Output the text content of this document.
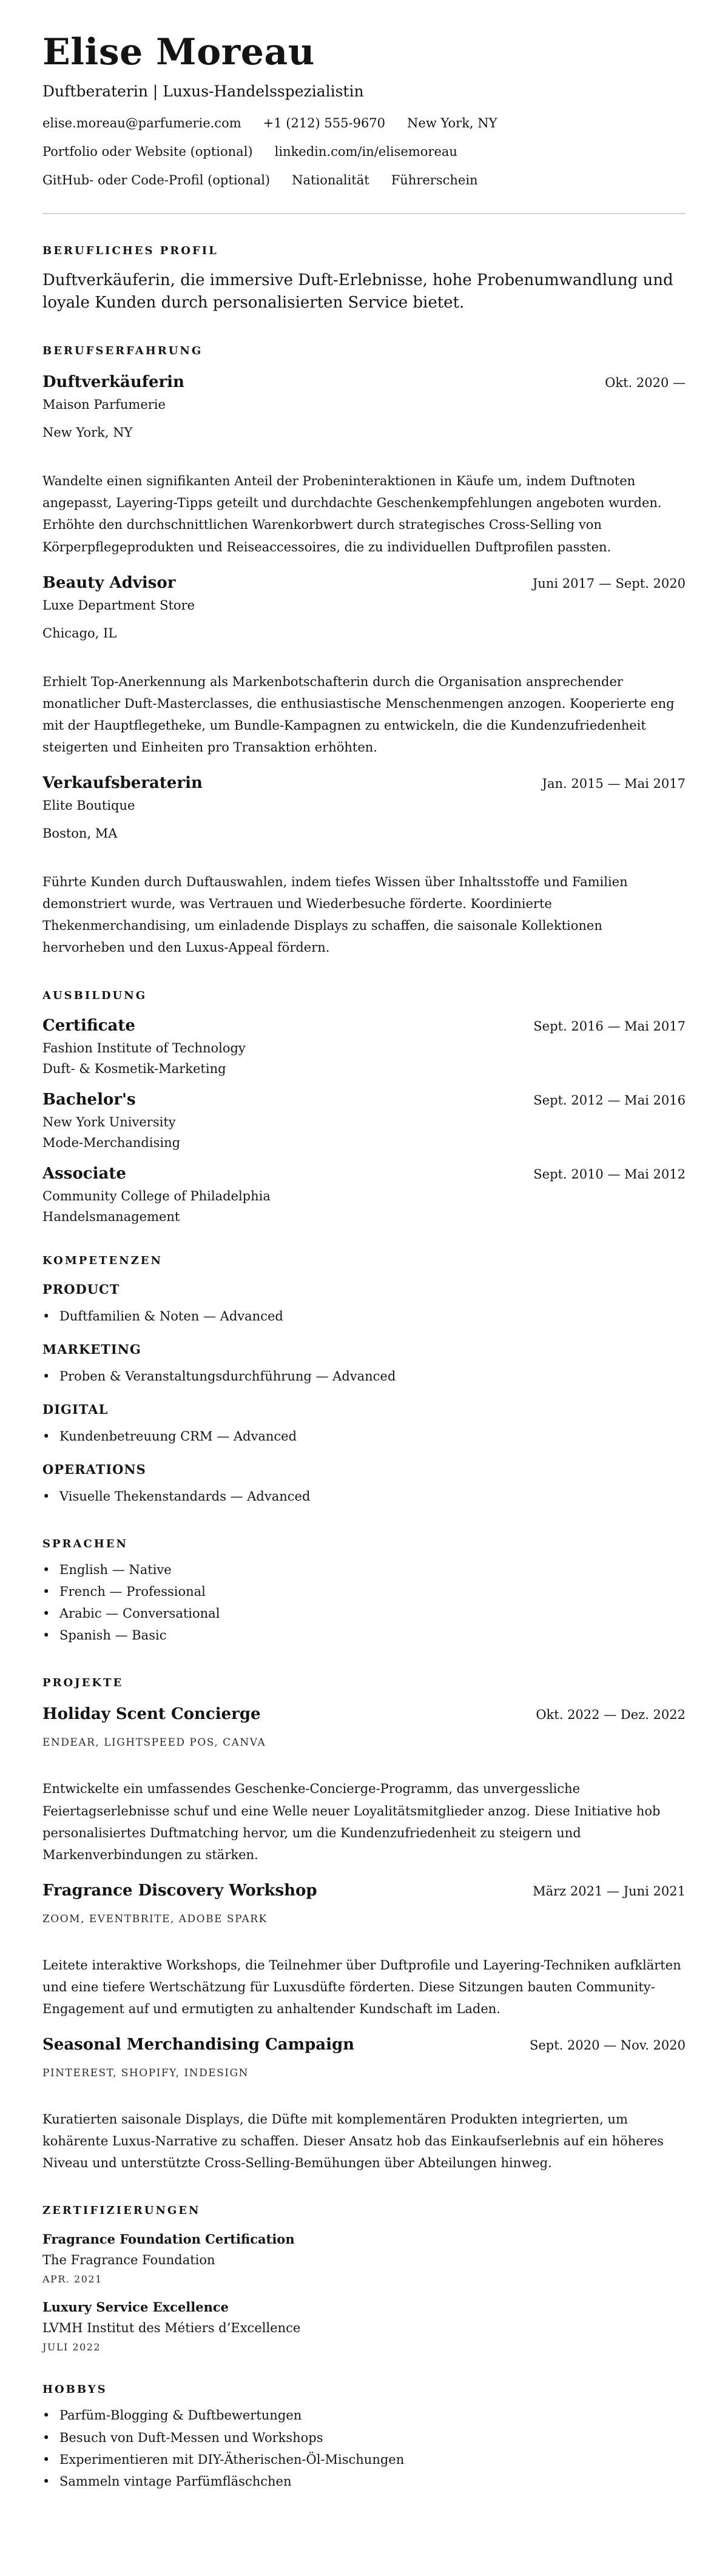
Elise Moreau
Duftberaterin | Luxus-Handelsspezialistin
elise.moreau@parfumerie.com +1 (212) 555-9670 New York, NY
Portfolio oder Website (optional) linkedin.com/in/elisemoreau
GitHub- oder Code-Profil (optional) Nationalität Führerschein
BERUFLICHES PROFIL
Duftverkäuferin, die immersive Duft-Erlebnisse, hohe Probenumwandlung und loyale Kunden durch personalisierten Service bietet.
BERUFSERFAHRUNG
Duftverkäuferin	Okt. 2020 —
Maison Parfumerie
New York, NY
Wandelte einen signifikanten Anteil der Probeninteraktionen in Käufe um, indem Duftnoten angepasst, Layering-Tipps geteilt und durchdachte Geschenkempfehlungen angeboten wurden. Erhöhte den durchschnittlichen Warenkorbwert durch strategisches Cross-Selling von Körperpflegeprodukten und Reiseaccessoires, die zu individuellen Duftprofilen passten.
Beauty Advisor	Juni 2017 — Sept. 2020
Luxe Department Store
Chicago, IL
Erhielt Top-Anerkennung als Markenbotschafterin durch die Organisation ansprechender monatlicher Duft-Masterclasses, die enthusiastische Menschenmengen anzogen. Kooperierte eng mit der Hauptflegetheke, um Bundle-Kampagnen zu entwickeln, die die Kundenzufriedenheit steigerten und Einheiten pro Transaktion erhöhten.
Verkaufsberaterin	Jan. 2015 — Mai 2017
Elite Boutique
Boston, MA
Führte Kunden durch Duftauswahlen, indem tiefes Wissen über Inhaltsstoffe und Familien demonstriert wurde, was Vertrauen und Wiederbesuche förderte. Koordinierte Thekenmerchandising, um einladende Displays zu schaffen, die saisonale Kollektionen hervorheben und den Luxus-Appeal fördern.
AUSBILDUNG
Certificate	Sept. 2016 — Mai 2017
Fashion Institute of Technology
Duft- & Kosmetik-Marketing
Bachelor's	Sept. 2012 — Mai 2016
New York University
Mode-Merchandising
Associate	Sept. 2010 — Mai 2012
Community College of Philadelphia
Handelsmanagement
KOMPETENZEN
PRODUCT
• Duftfamilien & Noten — Advanced
MARKETING
• Proben & Veranstaltungsdurchführung — Advanced
DIGITAL
• Kundenbetreuung CRM — Advanced
OPERATIONS
• Visuelle Thekenstandards — Advanced
SPRACHEN
• English — Native
• French — Professional
• Arabic — Conversational
• Spanish — Basic
PROJEKTE
Holiday Scent Concierge	Okt. 2022 — Dez. 2022
ENDEAR, LIGHTSPEED POS, CANVA
Entwickelte ein umfassendes Geschenke-Concierge-Programm, das unvergessliche Feiertagserlebnisse schuf und eine Welle neuer Loyalitätsmitglieder anzog. Diese Initiative hob personalisiertes Duftmatching hervor, um die Kundenzufriedenheit zu steigern und Markenverbindungen zu stärken.
Fragrance Discovery Workshop	März 2021 — Juni 2021
ZOOM, EVENTBRITE, ADOBE SPARK
Leitete interaktive Workshops, die Teilnehmer über Duftprofile und Layering-Techniken aufklärten und eine tiefere Wertschätzung für Luxusdüfte förderten. Diese Sitzungen bauten Community-Engagement auf und ermutigten zu anhaltender Kundschaft im Laden.
Seasonal Merchandising Campaign	Sept. 2020 — Nov. 2020
PINTEREST, SHOPIFY, INDESIGN
Kuratierten saisonale Displays, die Düfte mit komplementären Produkten integrierten, um kohärente Luxus-Narrative zu schaffen. Dieser Ansatz hob das Einkaufserlebnis auf ein höheres Niveau und unterstützte Cross-Selling-Bemühungen über Abteilungen hinweg.
ZERTIFIZIERUNGEN
Fragrance Foundation Certification
The Fragrance Foundation
APR. 2021
Luxury Service Excellence
LVMH Institut des Métiers d’Excellence
JULI 2022
HOBBYS
• Parfüm-Blogging & Duftbewertungen
• Besuch von Duft-Messen und Workshops
• Experimentieren mit DIY-Ätherischen-Öl-Mischungen
• Sammeln vintage Parfümfläschchen
